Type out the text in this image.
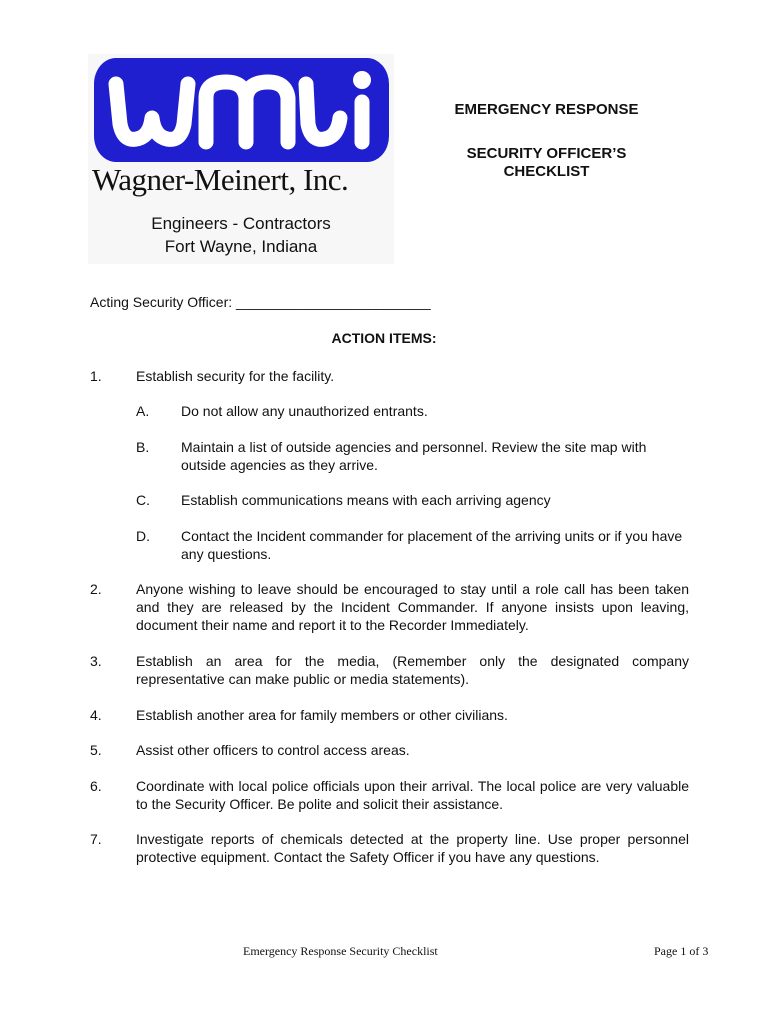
Wagner-Meinert, Inc.
Engineers - Contractors
Fort Wayne, Indiana
EMERGENCY RESPONSE
SECURITY OFFICER’S
CHECKLIST
Acting Security Officer: _________________________
ACTION ITEMS:
1. Establish security for the facility.
A. Do not allow any unauthorized entrants.
B. Maintain a list of outside agencies and personnel. Review the site map with outside agencies as they arrive.
C. Establish communications means with each arriving agency
D. Contact the Incident commander for placement of the arriving units or if you have any questions.
2. Anyone wishing to leave should be encouraged to stay until a role call has been taken and they are released by the Incident Commander. If anyone insists upon leaving, document their name and report it to the Recorder Immediately.
3. Establish an area for the media, (Remember only the designated company representative can make public or media statements).
4. Establish another area for family members or other civilians.
5. Assist other officers to control access areas.
6. Coordinate with local police officials upon their arrival. The local police are very valuable to the Security Officer. Be polite and solicit their assistance.
7. Investigate reports of chemicals detected at the property line. Use proper personnel protective equipment. Contact the Safety Officer if you have any questions.
Emergency Response Security Checklist	Page 1 of 3
